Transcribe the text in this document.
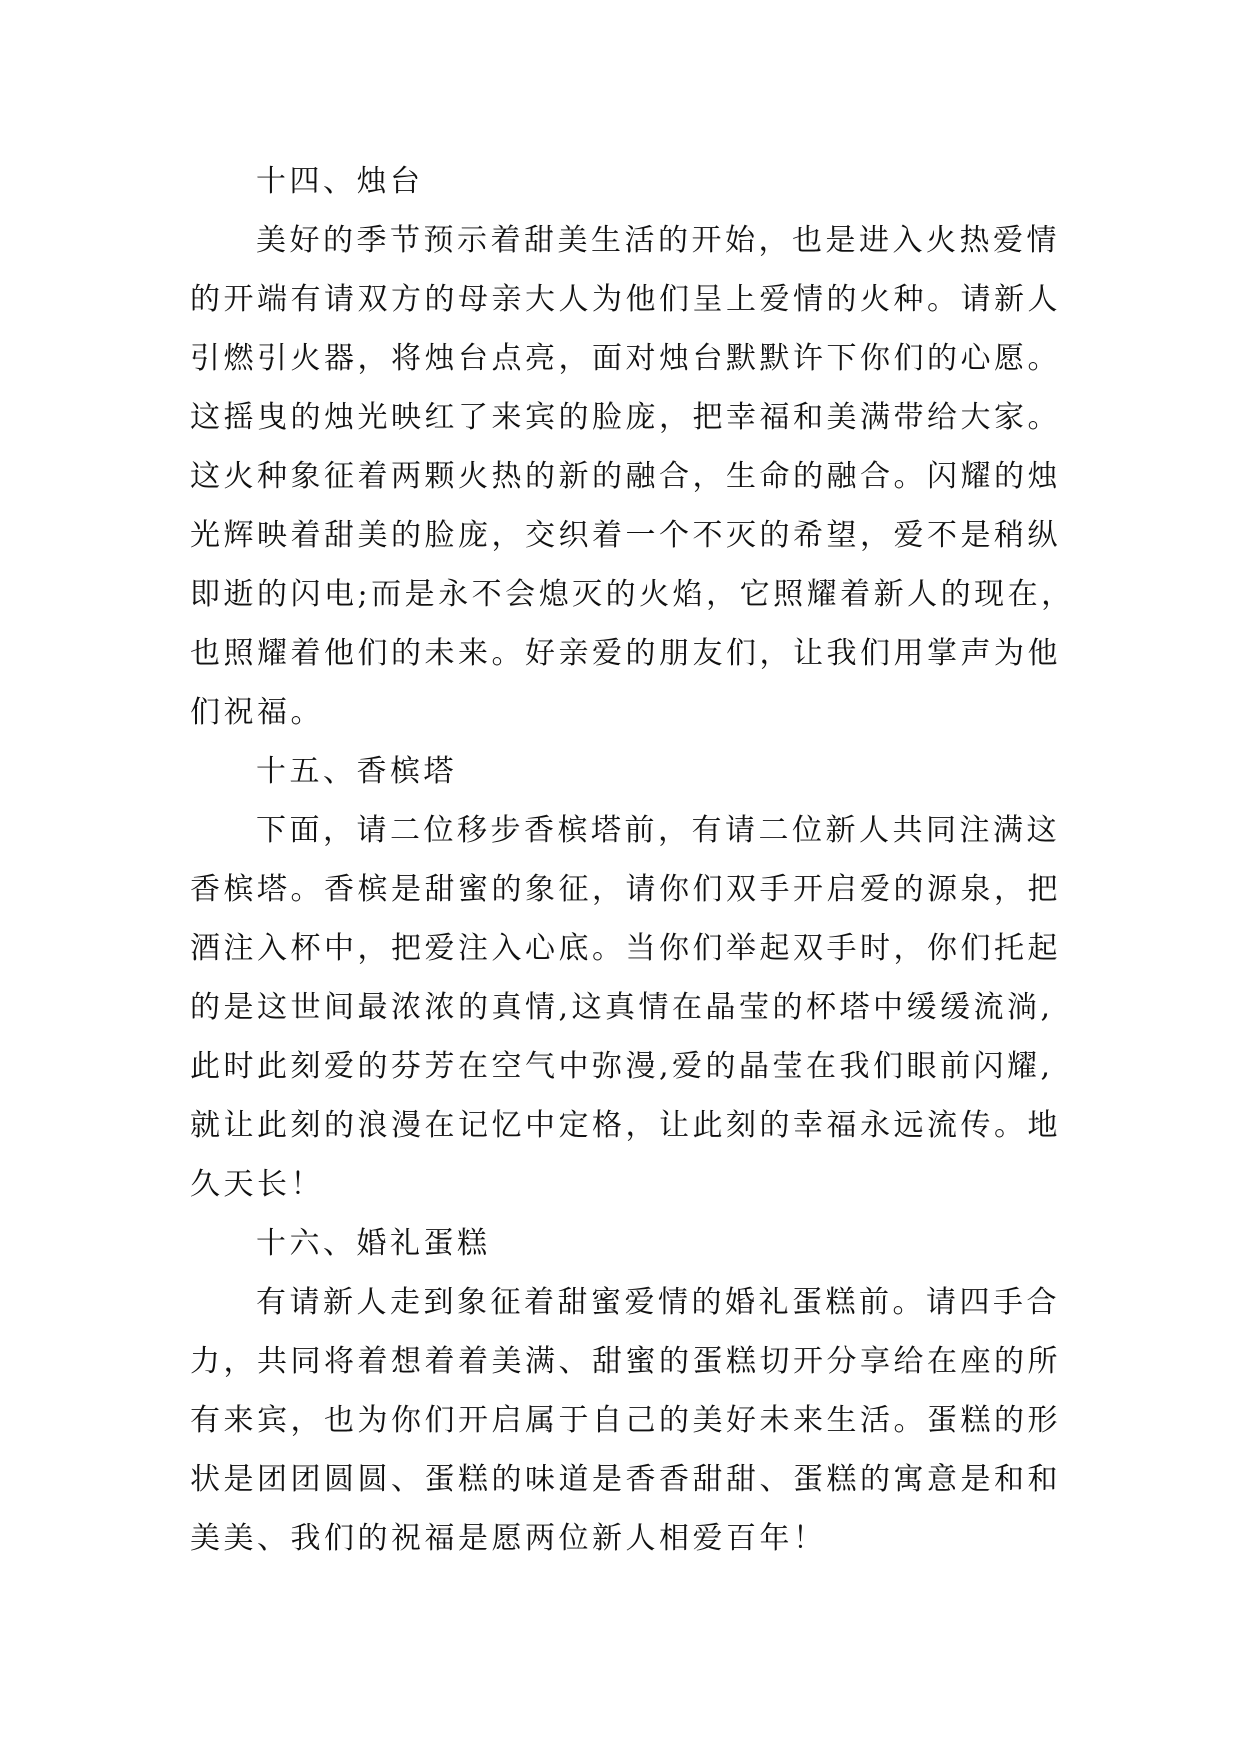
十四、烛台
美好的季节预示着甜美生活的开始，也是进入火热爱情
的开端有请双方的母亲大人为他们呈上爱情的火种。请新人
引燃引火器，将烛台点亮，面对烛台默默许下你们的心愿。
这摇曳的烛光映红了来宾的脸庞，把幸福和美满带给大家。
这火种象征着两颗火热的新的融合，生命的融合。闪耀的烛
光辉映着甜美的脸庞，交织着一个不灭的希望，爱不是稍纵
即逝的闪电;而是永不会熄灭的火焰，它照耀着新人的现在，
也照耀着他们的未来。好亲爱的朋友们，让我们用掌声为他
们祝福。
十五、香槟塔
下面，请二位移步香槟塔前，有请二位新人共同注满这
香槟塔。香槟是甜蜜的象征，请你们双手开启爱的源泉，把
酒注入杯中，把爱注入心底。当你们举起双手时，你们托起
的是这世间最浓浓的真情,这真情在晶莹的杯塔中缓缓流淌,
此时此刻爱的芬芳在空气中弥漫,爱的晶莹在我们眼前闪耀,
就让此刻的浪漫在记忆中定格，让此刻的幸福永远流传。地
久天长！
十六、婚礼蛋糕
有请新人走到象征着甜蜜爱情的婚礼蛋糕前。请四手合
力，共同将着想着着美满、甜蜜的蛋糕切开分享给在座的所
有来宾，也为你们开启属于自己的美好未来生活。蛋糕的形
状是团团圆圆、蛋糕的味道是香香甜甜、蛋糕的寓意是和和
美美、我们的祝福是愿两位新人相爱百年！
